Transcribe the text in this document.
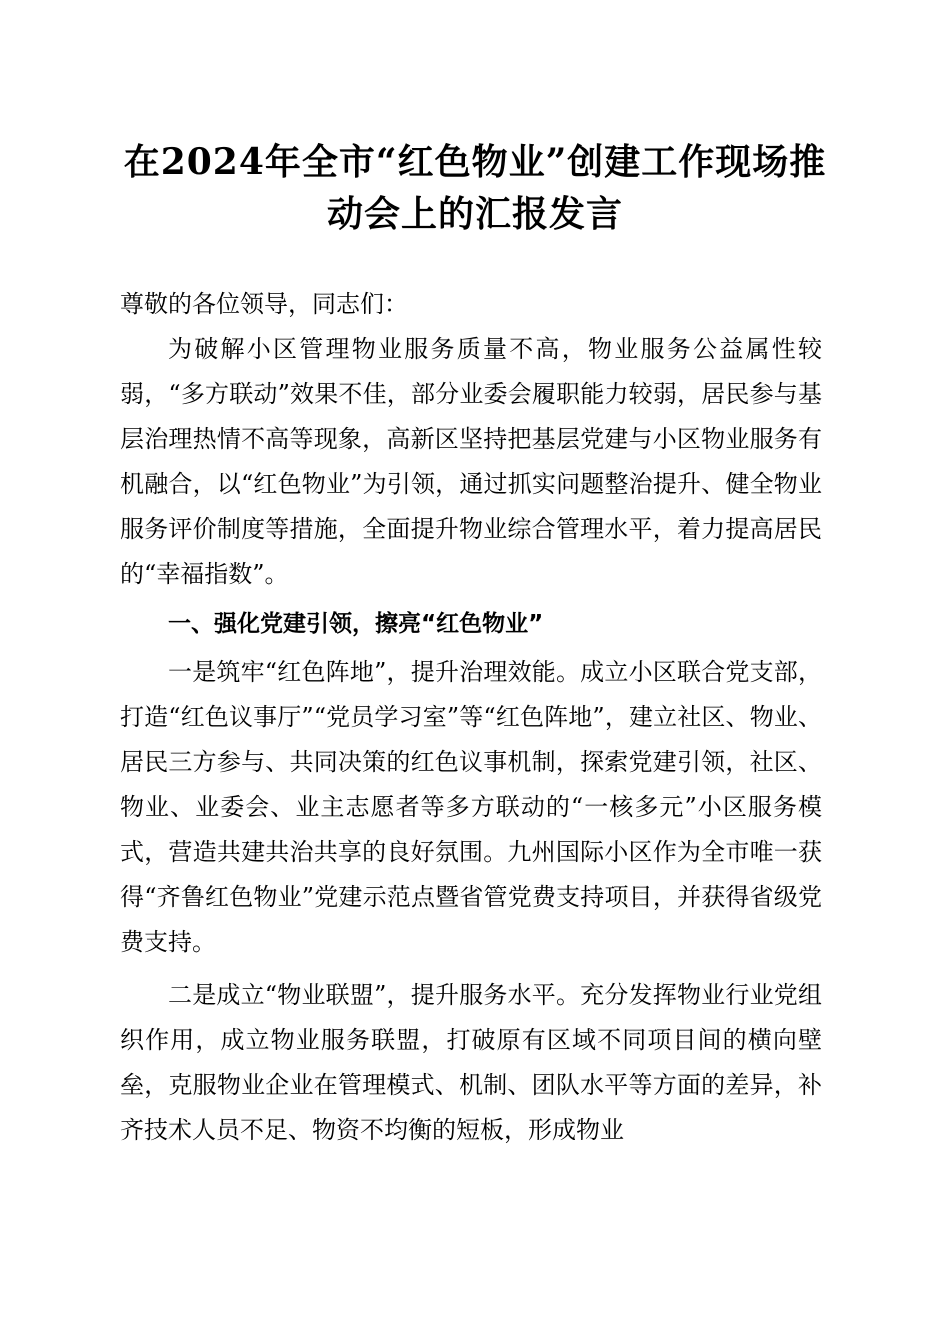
在2024年全市“红色物业”创建工作现场推
动会上的汇报发言

尊敬的各位领导，同志们：

为破解小区管理物业服务质量不高，物业服务公益属性较弱，“多方联动”效果不佳，部分业委会履职能力较弱，居民参与基层治理热情不高等现象，高新区坚持把基层党建与小区物业服务有机融合，以“红色物业”为引领，通过抓实问题整治提升、健全物业服务评价制度等措施，全面提升物业综合管理水平，着力提高居民的“幸福指数”。

一、强化党建引领，擦亮“红色物业”

一是筑牢“红色阵地”，提升治理效能。成立小区联合党支部，打造“红色议事厅”“党员学习室”等“红色阵地”，建立社区、物业、居民三方参与、共同决策的红色议事机制，探索党建引领，社区、物业、业委会、业主志愿者等多方联动的“一核多元”小区服务模式，营造共建共治共享的良好氛围。九州国际小区作为全市唯一获得“齐鲁红色物业”党建示范点暨省管党费支持项目，并获得省级党费支持。

二是成立“物业联盟”，提升服务水平。充分发挥物业行业党组织作用，成立物业服务联盟，打破原有区域不同项目间的横向壁垒，克服物业企业在管理模式、机制、团队水平等方面的差异，补齐技术人员不足、物资不均衡的短板，形成物业
